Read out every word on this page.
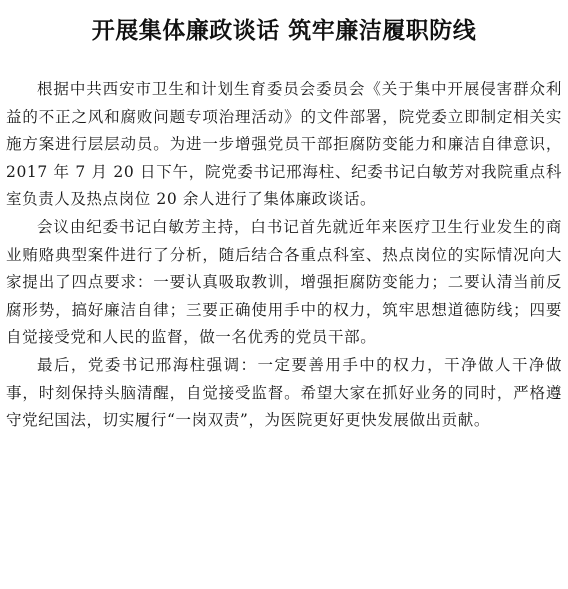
开展集体廉政谈话 筑牢廉洁履职防线

根据中共西安市卫生和计划生育委员会委员会《关于集中开展侵害群众利益的不正之风和腐败问题专项治理活动》的文件部署，院党委立即制定相关实施方案进行层层动员。为进一步增强党员干部拒腐防变能力和廉洁自律意识，2017 年 7 月 20 日下午，院党委书记邢海柱、纪委书记白敏芳对我院重点科室负责人及热点岗位 20 余人进行了集体廉政谈话。

会议由纪委书记白敏芳主持，白书记首先就近年来医疗卫生行业发生的商业贿赂典型案件进行了分析，随后结合各重点科室、热点岗位的实际情况向大家提出了四点要求：一要认真吸取教训，增强拒腐防变能力；二要认清当前反腐形势，搞好廉洁自律；三要正确使用手中的权力，筑牢思想道德防线；四要自觉接受党和人民的监督，做一名优秀的党员干部。

最后，党委书记邢海柱强调：一定要善用手中的权力，干净做人干净做事，时刻保持头脑清醒，自觉接受监督。希望大家在抓好业务的同时，严格遵守党纪国法，切实履行“一岗双责”，为医院更好更快发展做出贡献。
